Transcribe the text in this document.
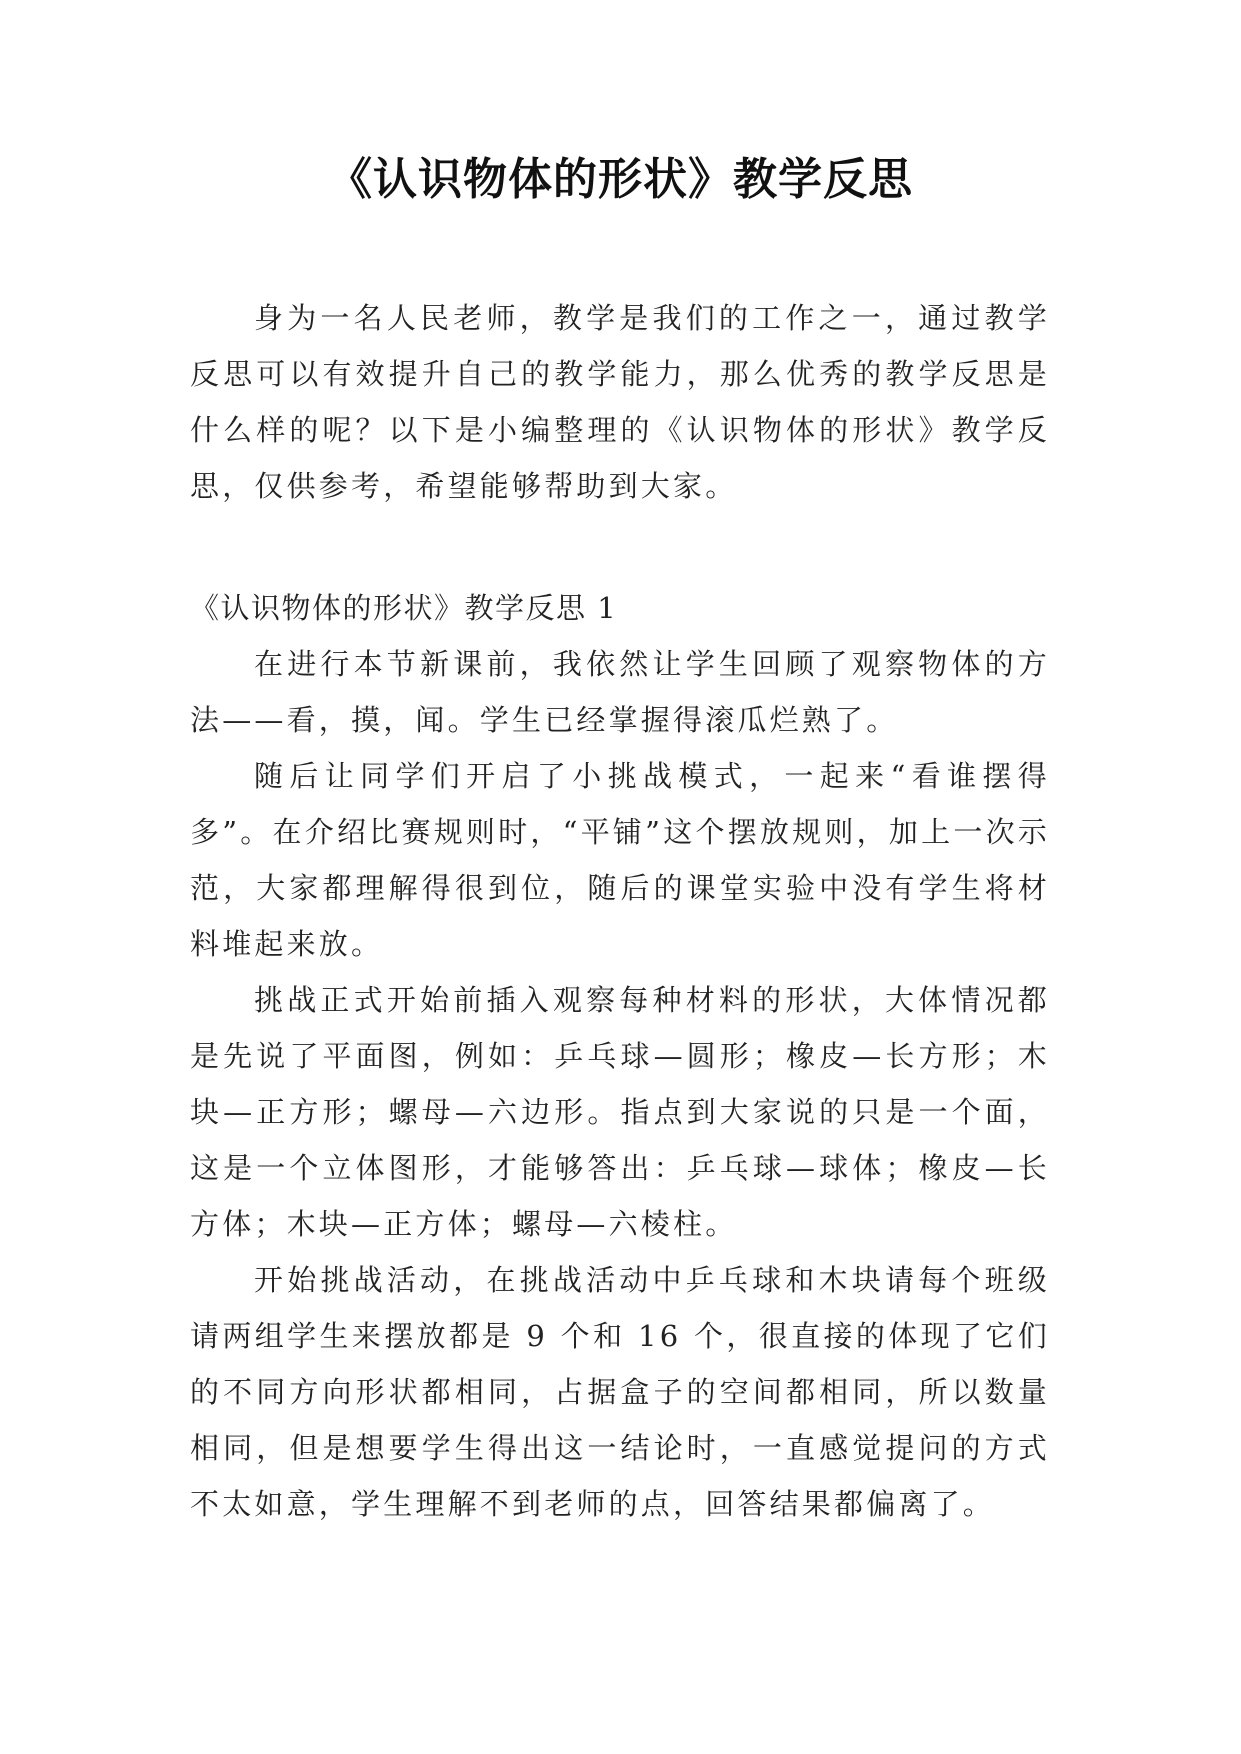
《认识物体的形状》教学反思

身为一名人民老师，教学是我们的工作之一，通过教学反思可以有效提升自己的教学能力，那么优秀的教学反思是什么样的呢？以下是小编整理的《认识物体的形状》教学反思，仅供参考，希望能够帮助到大家。

《认识物体的形状》教学反思 1

在进行本节新课前，我依然让学生回顾了观察物体的方法——看，摸，闻。学生已经掌握得滚瓜烂熟了。

随后让同学们开启了小挑战模式，一起来“看谁摆得多”。在介绍比赛规则时，“平铺”这个摆放规则，加上一次示范，大家都理解得很到位，随后的课堂实验中没有学生将材料堆起来放。

挑战正式开始前插入观察每种材料的形状，大体情况都是先说了平面图，例如：乒乓球—圆形；橡皮—长方形；木块—正方形；螺母—六边形。指点到大家说的只是一个面，这是一个立体图形，才能够答出：乒乓球—球体；橡皮—长方体；木块—正方体；螺母—六棱柱。

开始挑战活动，在挑战活动中乒乓球和木块请每个班级请两组学生来摆放都是 9 个和 16 个，很直接的体现了它们的不同方向形状都相同，占据盒子的空间都相同，所以数量相同，但是想要学生得出这一结论时，一直感觉提问的方式不太如意，学生理解不到老师的点，回答结果都偏离了。
